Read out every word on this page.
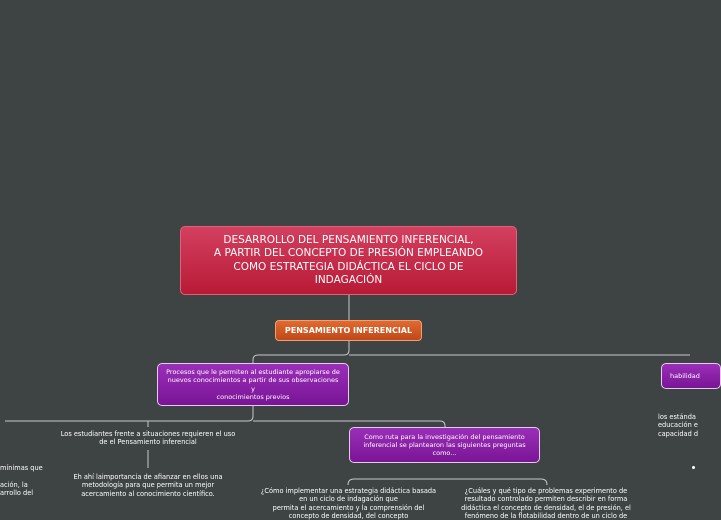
DESARROLLO DEL PENSAMIENTO INFERENCIAL,
A PARTIR DEL CONCEPTO DE PRESIÓN EMPLEANDO
COMO ESTRATEGIA DIDÁCTICA EL CICLO DE
INDAGACIÓN
PENSAMIENTO INFERENCIAL
Procesos que le permiten al estudiante apropiarse de
nuevos conocimientos a partir de sus observaciones
y
conocimientos previos
habilidad
Los estudiantes frente a situaciones requieren el uso
de el Pensamiento inferencial
Eh ahí laimportancia de afianzar en ellos una
metodología para que permita un mejor
acercamiento al conocimiento científico.
Como ruta para la investigación del pensamiento
inferencial se plantearon las siguientes preguntas
como...
¿Cómo implementar una estrategia didáctica basada
en un ciclo de indagación que
permita el acercamiento y la comprensión del
concepto de densidad, del concepto
¿Cuáles y qué tipo de problemas experimento de
resultado controlado permiten describir en forma
didáctica el concepto de densidad, el de presión, el
fenómeno de la flotabilidad dentro de un ciclo de
mínimas que

ación, la
arrollo del
los estánda
educación e
capacidad d
